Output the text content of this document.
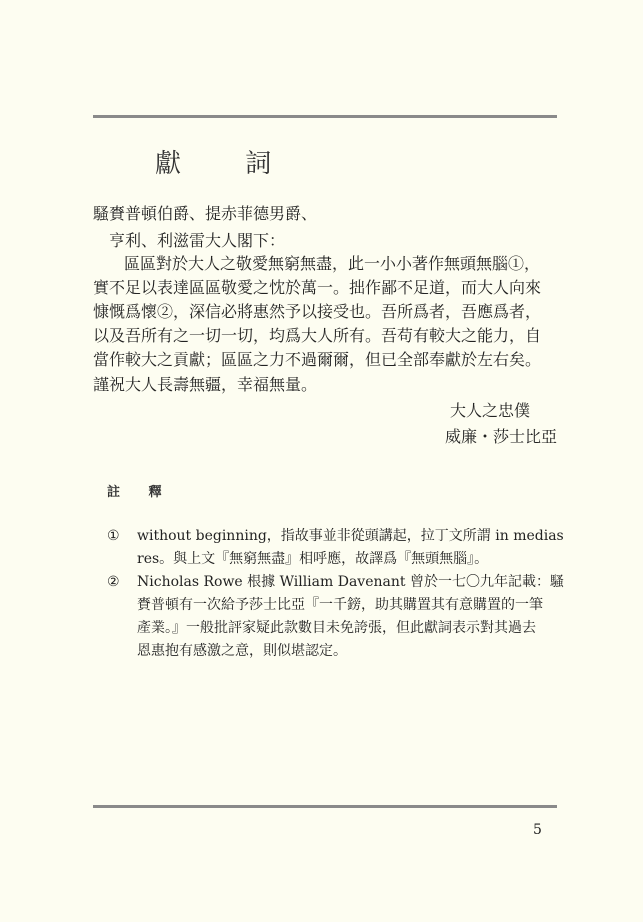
獻 詞
騷賚普頓伯爵、提赤菲德男爵、
亨利、利滋雷大人閣下：
區區對於大人之敬愛無窮無盡，此一小小著作無頭無腦①，
實不足以表達區區敬愛之忱於萬一。拙作鄙不足道，而大人向來
慷慨爲懷②，深信必將惠然予以接受也。吾所爲者，吾應爲者，
以及吾所有之一切一切，均爲大人所有。吾苟有較大之能力，自
當作較大之貢獻；區區之力不過爾爾，但已全部奉獻於左右矣。
謹祝大人長壽無疆，幸福無量。
大人之忠僕
威廉・莎士比亞
註 釋
① without beginning，指故事並非從頭講起，拉丁文所謂 in medias
res。與上文『無窮無盡』相呼應，故譯爲『無頭無腦』。
② Nicholas Rowe 根據 William Davenant 曾於一七〇九年記載：騷
賚普頓有一次給予莎士比亞『一千鎊，助其購置其有意購置的一筆
產業。』一般批評家疑此款數目未免誇張，但此獻詞表示對其過去
恩惠抱有感激之意，則似堪認定。
5
